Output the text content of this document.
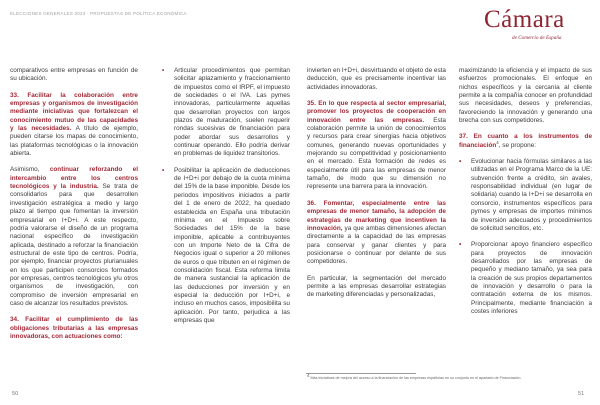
ELECCIONES GENERALES 2023 · PROPUESTAS DE POLÍTICA ECONÓMICA	Cámara
de Comercio de España

comparativos entre empresas en función de su ubicación.

33. Facilitar la colaboración entre empresas y organismos de investigación mediante iniciativas que fortalezcan el conocimiento mutuo de las capacidades y las necesidades. A título de ejemplo, pueden citarse los mapas de conocimiento, las plataformas tecnológicas o la innovación abierta.

Asimismo, continuar reforzando el intercambio entre los centros tecnológicos y la industria. Se trata de consolidarlos para que desarrollen investigación estratégica a medio y largo plazo al tiempo que fomentan la inversión empresarial en I+D+i. A este respecto, podría valorarse el diseño de un programa nacional específico de investigación aplicada, destinado a reforzar la financiación estructural de este tipo de centros. Podría, por ejemplo, financiar proyectos plurianuales en los que participen consorcios formados por empresas, centros tecnológicos y/u otros organismos de investigación, con compromiso de inversión empresarial en caso de alcanzar los resultados previstos.

34. Facilitar el cumplimiento de las obligaciones tributarias a las empresas innovadoras, con actuaciones como:

• Articular procedimientos que permitan solicitar aplazamiento y fraccionamiento de impuestos como el IRPF, el impuesto de sociedades o el IVA. Las pymes innovadoras, particularmente aquellas que desarrollan proyectos con largos plazos de maduración, suelen requerir rondas sucesivas de financiación para poder abordar sus desarrollos y continuar operando. Ello podría derivar en problemas de liquidez transitorios.
• Posibilitar la aplicación de deducciones de I+D+i por debajo de la cuota mínima del 15% de la base imponible. Desde los periodos impositivos iniciados a partir del 1 de enero de 2022, ha quedado establecida en España una tributación mínima en el Impuesto sobre Sociedades del 15% de la base imponible, aplicable a contribuyentes con un Importe Neto de la Cifra de Negocios igual o superior a 20 millones de euros o que tributen en el régimen de consolidación fiscal. Esta reforma limita de manera sustancial la aplicación de las deducciones por inversión y en especial la deducción por I+D+i, e incluso en muchos casos, imposibilita su aplicación. Por tanto, perjudica a las empresas que

invierten en I+D+i, desvirtuando el objeto de esta deducción, que es precisamente incentivar las actividades innovadoras.

35. En lo que respecta al sector empresarial, promover los proyectos de cooperación en innovación entre las empresas. Esta colaboración permite la unión de conocimientos y recursos para crear sinergias hacia objetivos comunes, generando nuevas oportunidades y mejorando su competitividad y posicionamiento en el mercado. Esta formación de redes es especialmente útil para las empresas de menor tamaño, de modo que su dimensión no represente una barrera para la innovación.

36. Fomentar, especialmente entre las empresas de menor tamaño, la adopción de estrategias de marketing que incentiven la innovación, ya que ambas dimensiones afectan directamente a la capacidad de las empresas para conservar y ganar clientes y para posicionarse o continuar por delante de sus competidores.

En particular, la segmentación del mercado permite a las empresas desarrollar estrategias de marketing diferenciadas y personalizadas,

maximizando la eficiencia y el impacto de sus esfuerzos promocionales. El enfoque en nichos específicos y la cercanía al cliente permite a la compañía conocer en profundidad sus necesidades, deseos y preferencias, favoreciendo la innovación y generando una brecha con sus competidores.

37. En cuanto a los instrumentos de financiación$^4$, se propone:

• Evolucionar hacia fórmulas similares a las utilizadas en el Programa Marco de la UE: subvención frente a crédito, sin avales, responsabilidad individual (en lugar de solidaria) cuando la I+D+i se desarrolla en consorcio, instrumentos específicos para pymes y empresas de importes mínimos de inversión adecuados y procedimientos de solicitud sencillos, etc.
• Proporcionar apoyo financiero específico para proyectos de innovación desarrollados por las empresas de pequeño y mediano tamaño, ya sea para la creación de sus propios departamentos de innovación y desarrollo o para la contratación externa de los mismos. Principalmente, mediante financiación a costes inferiores
4 Más iniciativas de mejora del acceso a la financiación de las empresas españolas en su conjunto en el apartado de Financiación.
50	51
